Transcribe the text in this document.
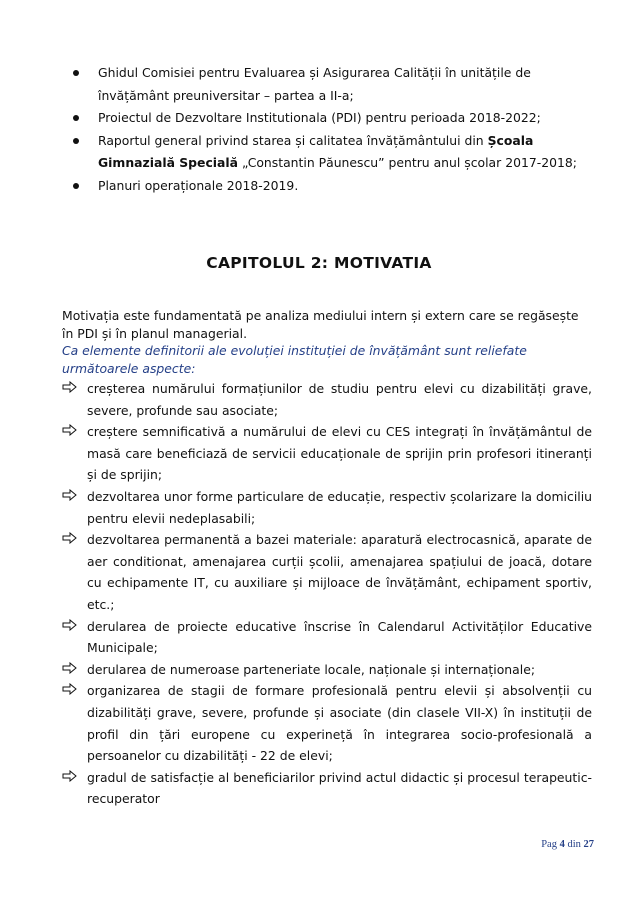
Ghidul Comisiei pentru Evaluarea și Asigurarea Calității în unitățile de învățământ preuniversitar – partea a II-a;
Proiectul de Dezvoltare Institutionala (PDI) pentru perioada 2018-2022;
Raportul general privind starea și calitatea învățământului din Școala Gimnazială Specială „Constantin Păunescu” pentru anul școlar 2017-2018;
Planuri operaționale 2018-2019.
CAPITOLUL 2: MOTIVATIA

Motivația este fundamentată pe analiza mediului intern și extern care se regăsește în PDI și în planul managerial.

Ca elemente definitorii ale evoluției instituției de învățământ sunt reliefate următoarele aspecte:

creșterea numărului formațiunilor de studiu pentru elevi cu dizabilități grave, severe, profunde sau asociate;
creștere semnificativă a numărului de elevi cu CES integrați în învățământul de masă care beneficiază de servicii educaționale de sprijin prin profesori itineranți și de sprijin;
dezvoltarea unor forme particulare de educație, respectiv școlarizare la domiciliu pentru elevii nedeplasabili;
dezvoltarea permanentă a bazei materiale: aparatură electrocasnică, aparate de aer conditionat, amenajarea curții școlii, amenajarea spațiului de joacă, dotare cu echipamente IT, cu auxiliare și mijloace de învățământ, echipament sportiv, etc.;
derularea de proiecte educative înscrise în Calendarul Activităților Educative Municipale;
derularea de numeroase parteneriate locale, naționale și internaționale;
organizarea de stagii de formare profesională pentru elevii și absolvenții cu dizabilități grave, severe, profunde și asociate (din clasele VII-X) în instituții de profil din țări europene cu experineță în integrarea socio-profesională a persoanelor cu dizabilități - 22 de elevi;
gradul de satisfacție al beneficiarilor privind actul didactic și procesul terapeutic-recuperator
Pag 4 din 27
